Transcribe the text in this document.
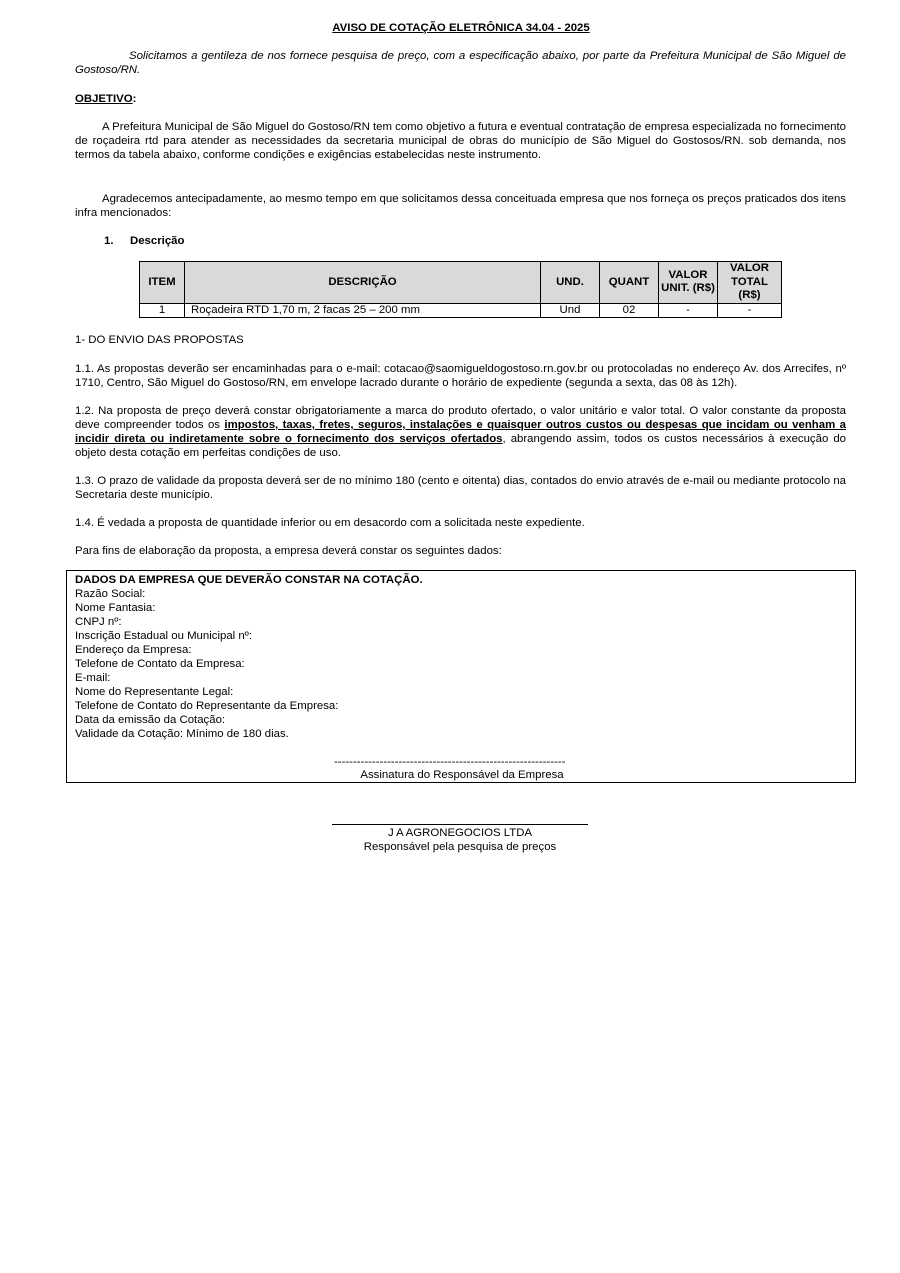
AVISO DE COTAÇÃO ELETRÔNICA 34.04 - 2025
Solicitamos a gentileza de nos fornece pesquisa de preço, com a especificação abaixo, por parte da Prefeitura Municipal de São Miguel de Gostoso/RN.
OBJETIVO:
A Prefeitura Municipal de São Miguel do Gostoso/RN tem como objetivo a futura e eventual contratação de empresa especializada no fornecimento de roçadeira rtd para atender as necessidades da secretaria municipal de obras do município de São Miguel do Gostosos/RN. sob demanda, nos termos da tabela abaixo, conforme condições e exigências estabelecidas neste instrumento.
Agradecemos antecipadamente, ao mesmo tempo em que solicitamos dessa conceituada empresa que nos forneça os preços praticados dos itens infra mencionados:
1. Descrição
ITEM	DESCRIÇÃO	UND.	QUANT	VALOR UNIT. (R$)	VALOR TOTAL (R$)
1	Roçadeira RTD 1,70 m, 2 facas 25 – 200 mm	Und	02	-	-
1- DO ENVIO DAS PROPOSTAS
1.1. As propostas deverão ser encaminhadas para o e-mail: cotacao@saomigueldogostoso.rn.gov.br ou protocoladas no endereço Av. dos Arrecifes, nº 1710, Centro, São Miguel do Gostoso/RN, em envelope lacrado durante o horário de expediente (segunda a sexta, das 08 às 12h).
1.2. Na proposta de preço deverá constar obrigatoriamente a marca do produto ofertado, o valor unitário e valor total. O valor constante da proposta deve compreender todos os impostos, taxas, fretes, seguros, instalações e quaisquer outros custos ou despesas que incidam ou venham a incidir direta ou indiretamente sobre o fornecimento dos serviços ofertados, abrangendo assim, todos os custos necessários à execução do objeto desta cotação em perfeitas condições de uso.
1.3. O prazo de validade da proposta deverá ser de no mínimo 180 (cento e oitenta) dias, contados do envio através de e-mail ou mediante protocolo na Secretaria deste município.
1.4. É vedada a proposta de quantidade inferior ou em desacordo com a solicitada neste expediente.
Para fins de elaboração da proposta, a empresa deverá constar os seguintes dados:
DADOS DA EMPRESA QUE DEVERÃO CONSTAR NA COTAÇÃO.
Razão Social:
Nome Fantasia:
CNPJ nº:
Inscrição Estadual ou Municipal nº:
Endereço da Empresa:
Telefone de Contato da Empresa:
E-mail:
Nome do Representante Legal:
Telefone de Contato do Representante da Empresa:
Data da emissão da Cotação:
Validade da Cotação: Mínimo de 180 dias.
-------------------------------------------------------------
Assinatura do Responsável da Empresa
J A AGRONEGOCIOS LTDA
Responsável pela pesquisa de preços
